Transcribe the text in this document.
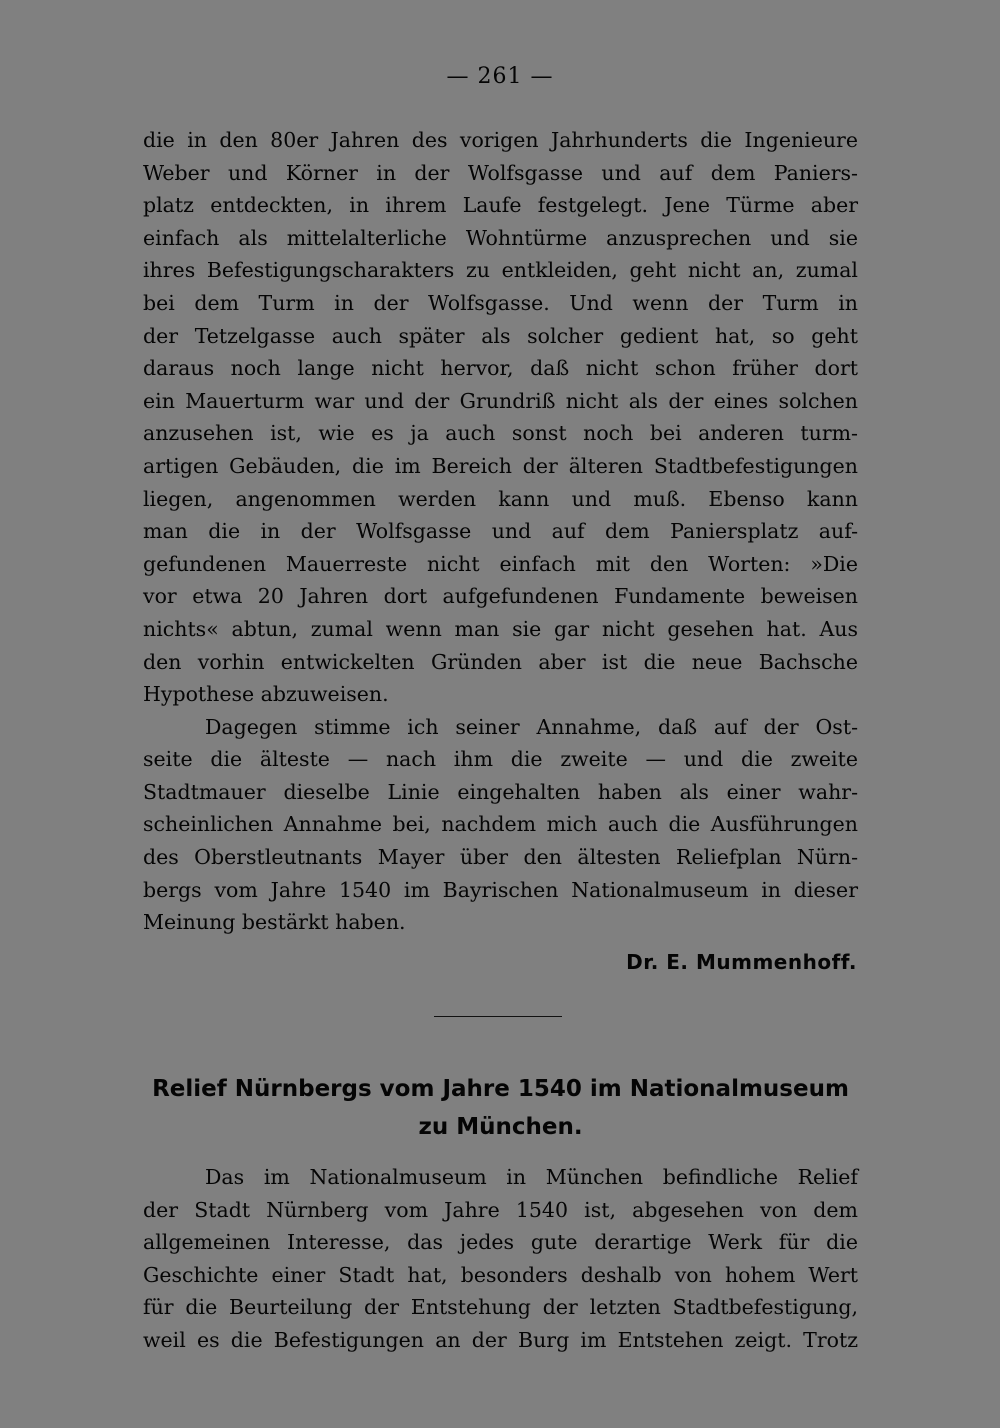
— 261 —
die in den 80er Jahren des vorigen Jahrhunderts die Ingenieure
Weber und Körner in der Wolfsgasse und auf dem Paniers-
platz entdeckten, in ihrem Laufe festgelegt. Jene Türme aber
einfach als mittelalterliche Wohntürme anzusprechen und sie
ihres Befestigungscharakters zu entkleiden, geht nicht an, zumal
bei dem Turm in der Wolfsgasse. Und wenn der Turm in
der Tetzelgasse auch später als solcher gedient hat, so geht
daraus noch lange nicht hervor, daß nicht schon früher dort
ein Mauerturm war und der Grundriß nicht als der eines solchen
anzusehen ist, wie es ja auch sonst noch bei anderen turm-
artigen Gebäuden, die im Bereich der älteren Stadtbefestigungen
liegen, angenommen werden kann und muß. Ebenso kann
man die in der Wolfsgasse und auf dem Paniersplatz auf-
gefundenen Mauerreste nicht einfach mit den Worten: »Die
vor etwa 20 Jahren dort aufgefundenen Fundamente beweisen
nichts« abtun, zumal wenn man sie gar nicht gesehen hat. Aus
den vorhin entwickelten Gründen aber ist die neue Bachsche
Hypothese abzuweisen.
Dagegen stimme ich seiner Annahme, daß auf der Ost-
seite die älteste — nach ihm die zweite — und die zweite
Stadtmauer dieselbe Linie eingehalten haben als einer wahr-
scheinlichen Annahme bei, nachdem mich auch die Ausführungen
des Oberstleutnants Mayer über den ältesten Reliefplan Nürn-
bergs vom Jahre 1540 im Bayrischen Nationalmuseum in dieser
Meinung bestärkt haben.
Dr. E. Mummenhoff.
Relief Nürnbergs vom Jahre 1540 im Nationalmuseum
zu München.
Das im Nationalmuseum in München befindliche Relief
der Stadt Nürnberg vom Jahre 1540 ist, abgesehen von dem
allgemeinen Interesse, das jedes gute derartige Werk für die
Geschichte einer Stadt hat, besonders deshalb von hohem Wert
für die Beurteilung der Entstehung der letzten Stadtbefestigung,
weil es die Befestigungen an der Burg im Entstehen zeigt. Trotz
